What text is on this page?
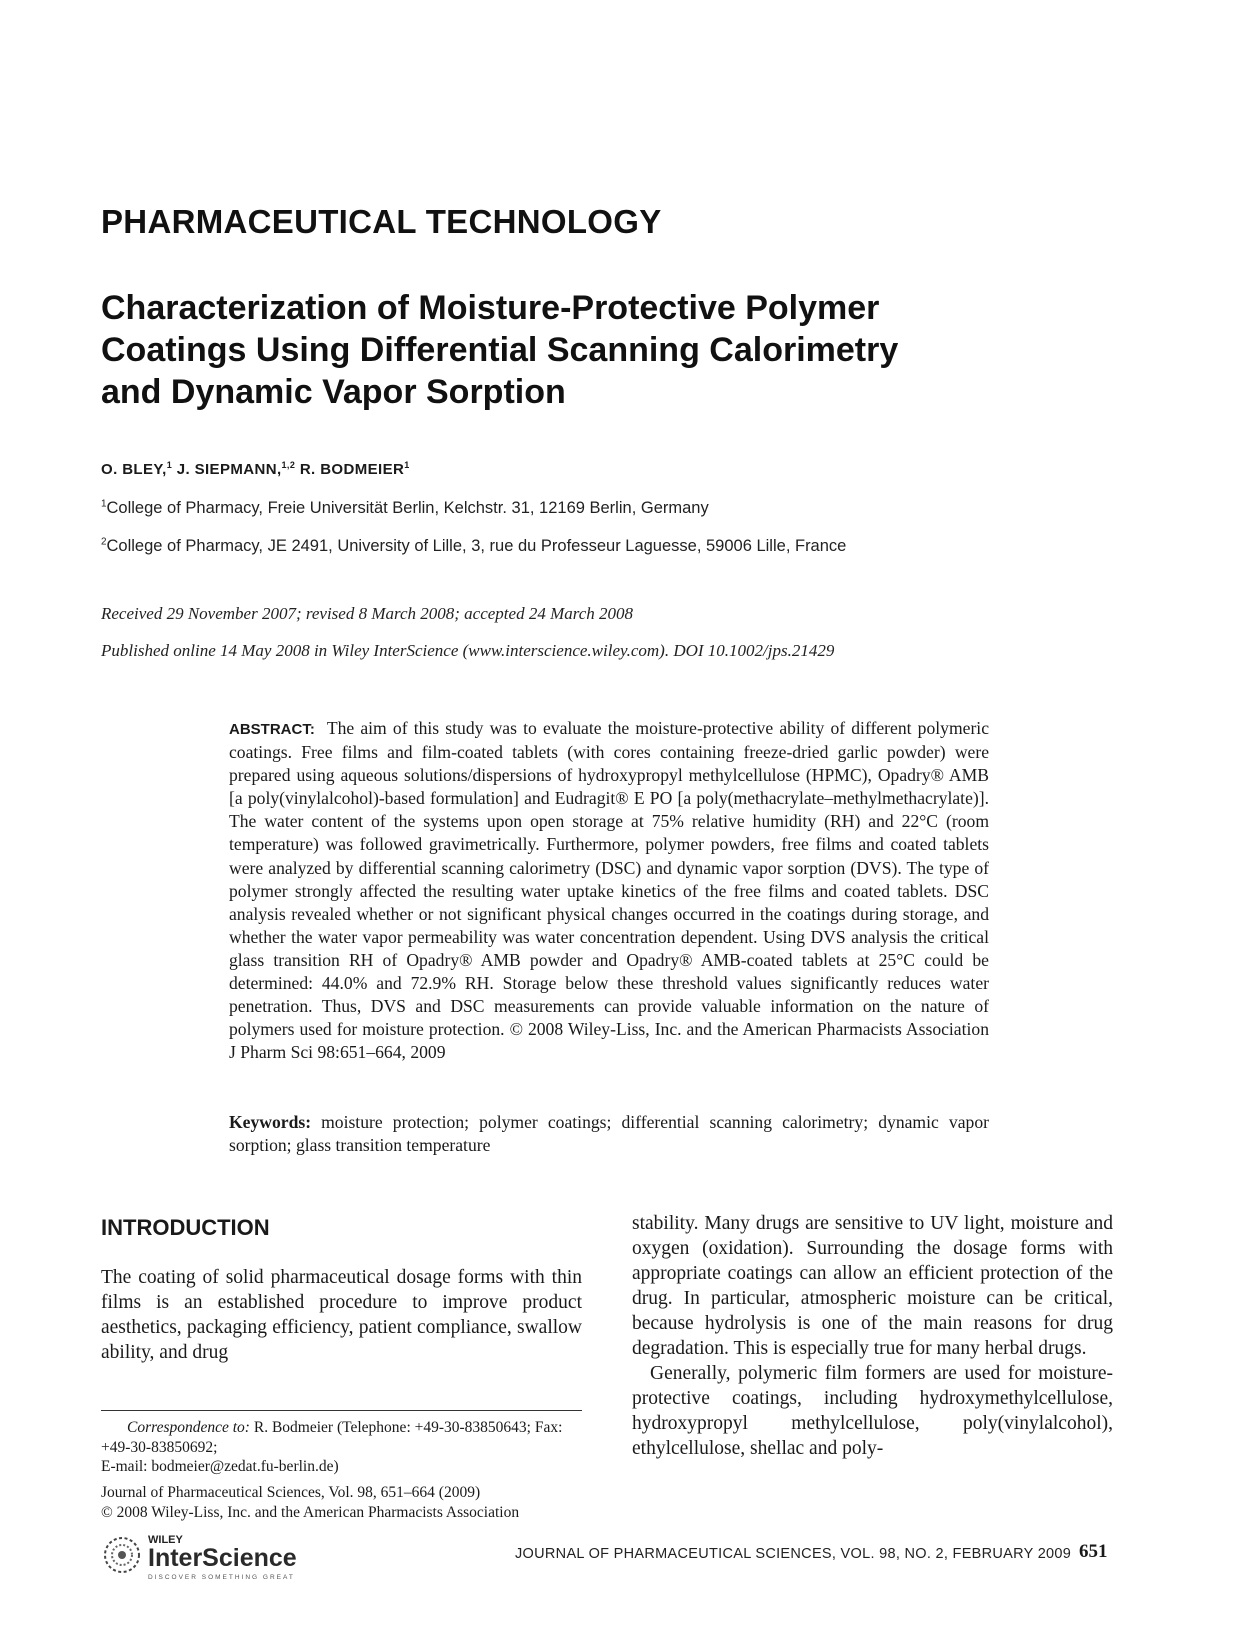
PHARMACEUTICAL TECHNOLOGY
Characterization of Moisture-Protective Polymer
Coatings Using Differential Scanning Calorimetry
and Dynamic Vapor Sorption
O. BLEY,$^1$ J. SIEPMANN,$^{1,2}$ R. BODMEIER$^1$
$^1$College of Pharmacy, Freie Universität Berlin, Kelchstr. 31, 12169 Berlin, Germany
$^2$College of Pharmacy, JE 2491, University of Lille, 3, rue du Professeur Laguesse, 59006 Lille, France
Received 29 November 2007; revised 8 March 2008; accepted 24 March 2008
Published online 14 May 2008 in Wiley InterScience (www.interscience.wiley.com). DOI 10.1002/jps.21429
ABSTRACT: The aim of this study was to evaluate the moisture-protective ability of different polymeric coatings. Free films and film-coated tablets (with cores containing freeze-dried garlic powder) were prepared using aqueous solutions/dispersions of hydroxypropyl methylcellulose (HPMC), Opadry® AMB [a poly(vinylalcohol)-based formulation] and Eudragit® E PO [a poly(methacrylate–methylmethacrylate)]. The water content of the systems upon open storage at 75% relative humidity (RH) and 22°C (room temperature) was followed gravimetrically. Furthermore, polymer powders, free films and coated tablets were analyzed by differential scanning calorimetry (DSC) and dynamic vapor sorption (DVS). The type of polymer strongly affected the resulting water uptake kinetics of the free films and coated tablets. DSC analysis revealed whether or not significant physical changes occurred in the coatings during storage, and whether the water vapor permeability was water concentration dependent. Using DVS analysis the critical glass transition RH of Opadry® AMB powder and Opadry® AMB-coated tablets at 25°C could be determined: 44.0% and 72.9% RH. Storage below these threshold values significantly reduces water penetration. Thus, DVS and DSC measurements can provide valuable information on the nature of polymers used for moisture protection. © 2008 Wiley-Liss, Inc. and the American Pharmacists Association J Pharm Sci 98:651–664, 2009
Keywords: moisture protection; polymer coatings; differential scanning calorimetry; dynamic vapor sorption; glass transition temperature
INTRODUCTION
The coating of solid pharmaceutical dosage forms with thin films is an established procedure to improve product aesthetics, packaging efficiency, patient compliance, swallow ability, and drug

stability. Many drugs are sensitive to UV light, moisture and oxygen (oxidation). Surrounding the dosage forms with appropriate coatings can allow an efficient protection of the drug. In particular, atmospheric moisture can be critical, because hydrolysis is one of the main reasons for drug degradation. This is especially true for many herbal drugs.

Generally, polymeric film formers are used for moisture-protective coatings, including hydroxymethylcellulose, hydroxypropyl methylcellulose, poly(vinylalcohol), ethylcellulose, shellac and poly-

Correspondence to: R. Bodmeier (Telephone: +49-30-83850643; Fax: +49-30-83850692;
E-mail: bodmeier@zedat.fu-berlin.de)
Journal of Pharmaceutical Sciences, Vol. 98, 651–664 (2009)
© 2008 Wiley-Liss, Inc. and the American Pharmacists Association
WILEY
InterScience
DISCOVER SOMETHING GREAT
JOURNAL OF PHARMACEUTICAL SCIENCES, VOL. 98, NO. 2, FEBRUARY 2009 651
